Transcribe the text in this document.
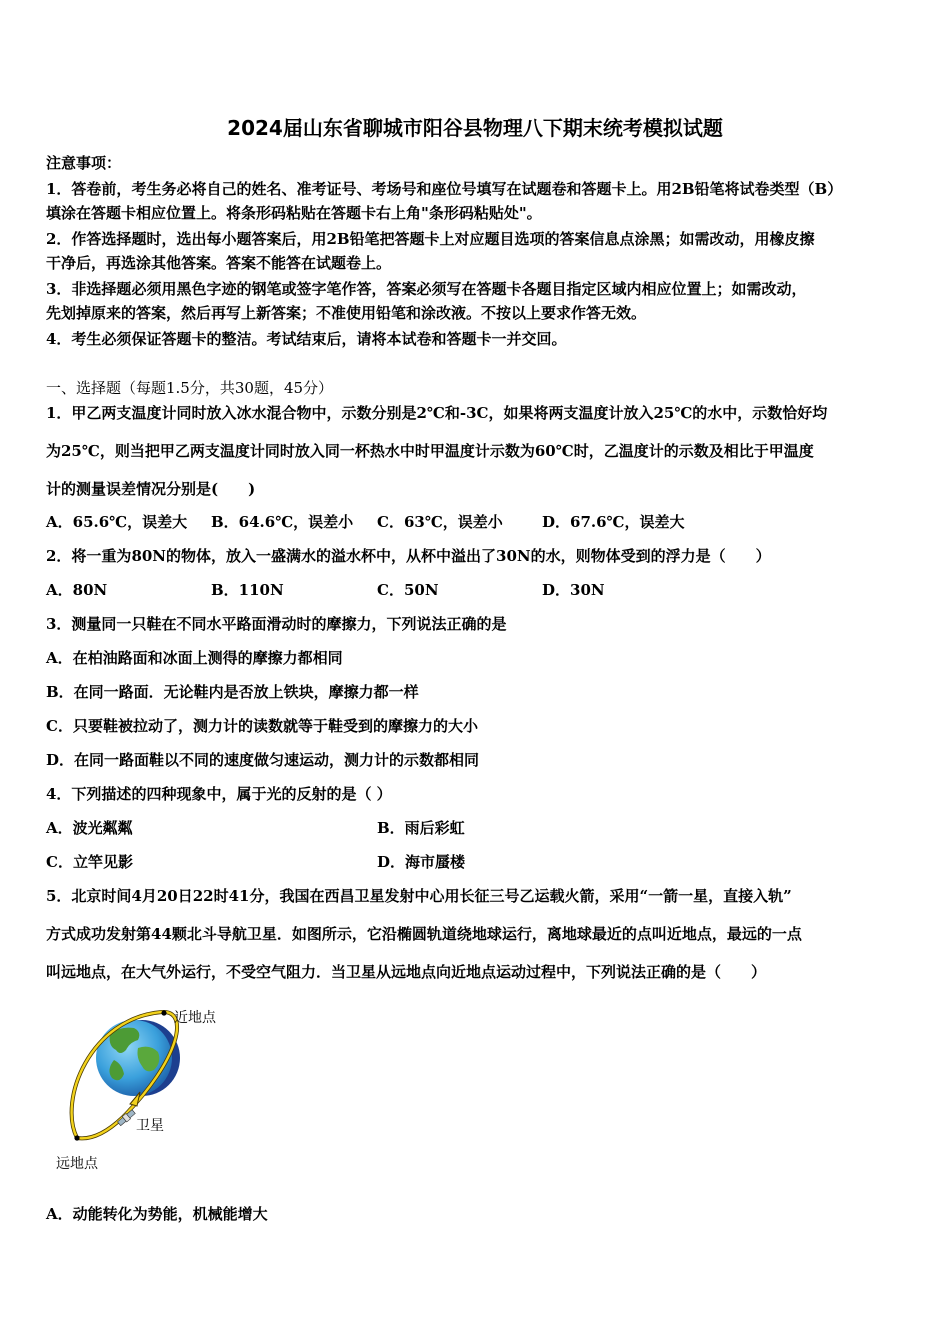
2024届山东省聊城市阳谷县物理八下期末统考模拟试题
注意事项：
1．答卷前，考生务必将自己的姓名、准考证号、考场号和座位号填写在试题卷和答题卡上。用2B铅笔将试卷类型（B）
填涂在答题卡相应位置上。将条形码粘贴在答题卡右上角"条形码粘贴处"。
2．作答选择题时，选出每小题答案后，用2B铅笔把答题卡上对应题目选项的答案信息点涂黑；如需改动，用橡皮擦
干净后，再选涂其他答案。答案不能答在试题卷上。
3．非选择题必须用黑色字迹的钢笔或签字笔作答，答案必须写在答题卡各题目指定区域内相应位置上；如需改动，
先划掉原来的答案，然后再写上新答案；不准使用铅笔和涂改液。不按以上要求作答无效。
4．考生必须保证答题卡的整洁。考试结束后，请将本试卷和答题卡一并交回。
一、选择题（每题1.5分，共30题，45分）
1．甲乙两支温度计同时放入冰水混合物中，示数分别是2℃和-3C，如果将两支温度计放入25℃的水中，示数恰好均
为25℃，则当把甲乙两支温度计同时放入同一杯热水中时甲温度计示数为60℃时，乙温度计的示数及相比于甲温度
计的测量误差情况分别是(　　)
A．65.6℃，误差大 B．64.6℃，误差小 C．63℃，误差小	D．67.6℃，误差大
2．将一重为80N的物体，放入一盛满水的溢水杯中，从杯中溢出了30N的水，则物体受到的浮力是（　　）
A．80N	B．110N	C．50N	D．30N
3．测量同一只鞋在不同水平路面滑动时的摩擦力，下列说法正确的是
A．在柏油路面和冰面上测得的摩擦力都相同
B．在同一路面．无论鞋内是否放上铁块，摩擦力都一样
C．只要鞋被拉动了，测力计的读数就等于鞋受到的摩擦力的大小
D．在同一路面鞋以不同的速度做匀速运动，测力计的示数都相同
4．下列描述的四种现象中，属于光的反射的是（ ）
A．波光粼粼	B．雨后彩虹
C．立竿见影	D．海市蜃楼
5．北京时间4月20日22时41分，我国在西昌卫星发射中心用长征三号乙运载火箭，采用“一箭一星，直接入轨”
方式成功发射第44颗北斗导航卫星．如图所示，它沿椭圆轨道绕地球运行，离地球最近的点叫近地点，最远的一点
叫远地点，在大气外运行，不受空气阻力．当卫星从远地点向近地点运动过程中，下列说法正确的是（　　）
近地点
卫星
远地点
A．动能转化为势能，机械能增大
